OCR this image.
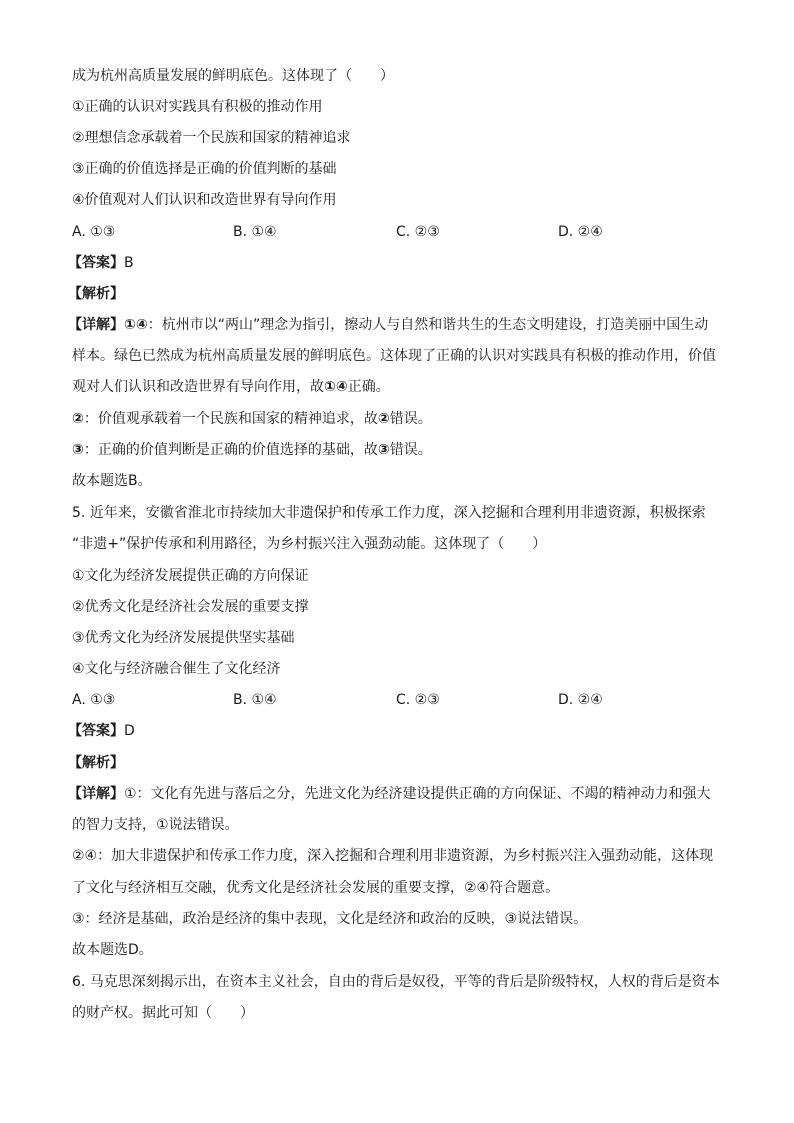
成为杭州高质量发展的鲜明底色。这体现了（　　）
①正确的认识对实践具有积极的推动作用
②理想信念承载着一个民族和国家的精神追求
③正确的价值选择是正确的价值判断的基础
④价值观对人们认识和改造世界有导向作用
A. ①③	B. ①④	C. ②③	D. ②④
【答案】B
【解析】
【详解】①④：杭州市以“两山”理念为指引，擦动人与自然和谐共生的生态文明建设，打造美丽中国生动
样本。绿色已然成为杭州高质量发展的鲜明底色。这体现了正确的认识对实践具有积极的推动作用，价值
观对人们认识和改造世界有导向作用，故①④正确。
②：价值观承载着一个民族和国家的精神追求，故②错误。
③：正确的价值判断是正确的价值选择的基础，故③错误。
故本题选B。
5. 近年来，安徽省淮北市持续加大非遗保护和传承工作力度，深入挖掘和合理利用非遗资源，积极探索
“非遗+”保护传承和利用路径，为乡村振兴注入强劲动能。这体现了（　　）
①文化为经济发展提供正确的方向保证
②优秀文化是经济社会发展的重要支撑
③优秀文化为经济发展提供坚实基础
④文化与经济融合催生了文化经济
A. ①③	B. ①④	C. ②③	D. ②④
【答案】D
【解析】
【详解】①：文化有先进与落后之分，先进文化为经济建设提供正确的方向保证、不竭的精神动力和强大
的智力支持，①说法错误。
②④：加大非遗保护和传承工作力度，深入挖掘和合理利用非遗资源，为乡村振兴注入强劲动能，这体现
了文化与经济相互交融，优秀文化是经济社会发展的重要支撑，②④符合题意。
③：经济是基础，政治是经济的集中表现，文化是经济和政治的反映，③说法错误。
故本题选D。
6. 马克思深刻揭示出，在资本主义社会，自由的背后是奴役，平等的背后是阶级特权，人权的背后是资本
的财产权。据此可知（　　）
